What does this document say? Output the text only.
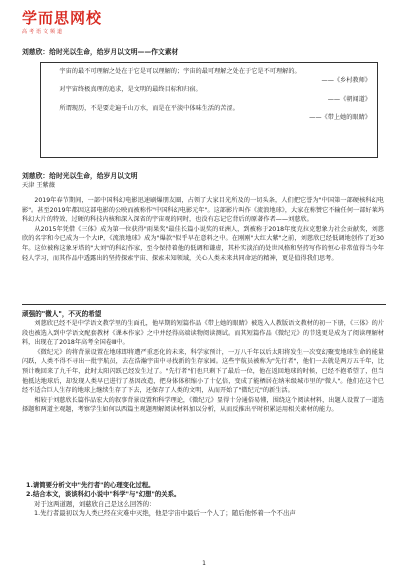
学而思网校
高考语文频道
刘慈欣：给时光以生命，给岁月以文明——作文素材

宇宙的最不可理解之处在于它是可以理解的；宇宙的最可理解之处在于它是不可理解的。

——《乡村教师》

对宇宙终极真理的追求，是文明的最终目标和归宿。

——《朝闻道》

所谓现历，不是要走遍千山万水，而是在平淡中体味生活的苦涩。

——《带上她的眼睛》
刘慈欣：给时光以生命，给岁月以文明
天津 王紫薇

2019年春节期间，一部中国科幻电影迅速刷爆朋友圈，占领了大家目光所及的一切头条，人们把它誉为"中国第一部硬核科幻电影"。甚至2019年都因这部电影的公映而被称作"中国科幻电影元年"。这部影片叫作《流浪地球》，大家在称赞它不输任何一部好莱坞科幻大片的特效、过硬的科技内核和深入深省的宇宙观的同时，也没有忘记它背后的原著作者——刘慈欣。

从2015年凭借《三体》成为第一位获得"雨果奖"最佳长篇小说奖的亚洲人，到被称于2018年度克拉克想象力社会贡献奖，刘慈欣的名字和今已成为一个大IP，《流浪地球》成为"爆款"似乎早在意料之中。在刚刚"大红大紫"之前，刘慈欣已经低调地创作了近30年。这位被称这象牙塔的"大刘"的科幻作家，至今保持着他的低调和谦虚，其朴实淡泊的处世风格和坚持写作的恒心非常值得当今年轻人学习，而其作品中透露出的坚持探索宇宙、探索未知领域，关心人类未来共同命运的精神，更是值得我们思考。

顽强的"微人"，不灭的希望

刘慈欣已经不是中学语文教学里的生面孔，他早期的短篇作品《带上她的眼睛》被选入人教版语文教材的初一下册，《三体》的片段也被选入到中学语文配套教材《课本作家》之中并经得高端读物阅读测试。而其短篇作品《微纪元》的节选更是成为了阅读理解材料，出现在了2018年高考全国卷Ⅲ中。

《微纪元》的将背景设置在地球即将遭严重恶化的未来，科学家预计，一万八千年以后太阳将发生一次变幻聚变地球生命的能量闪跃，人类不得不寻出一批宇航员，去在浩瀚宇宙中寻找新的生存家园。这些宇航员被称为"先行者"，他们一去就是两万五千年，比预计晚回来了九千年，此时太阳闪跃已经发生过了。"先行者"们也只剩下了最后一位，他在返回地球的时候，已经不抱希望了，但当他抵达地球后，却发现人类早已进行了基因改造，把身体体积缩小了十亿倍，变成了能栖居在纳米级城市里的"微人"。他们在这个已经不适合巨人生存的地球上继续生存了下去，还保存了人类的文明，从而开始了"微纪元"的新生活。

相较于刘慈欣长篇作品宏大的叙事背景设置和科学理论，《微纪元》显得十分通俗易懂，围绕这个阅读材料，出题人设置了一道选择题和两道主观题，考察学生如何以西篇主观题理解阅读材料加以分析，从而反推出平时积累运用相关素材的能力。

1.请简要分析文中"先行者"的心理变化过程。
2.结合本文，谈谈科幻小说中"科学"与"幻想"的关系。
对于这两道题，刘慈欣自己是这么回答的：
1.先行者最初以为人类已经在灾难中灭绝，他是宇宙中最后一个人了；随后他怀着一个不出声
1
